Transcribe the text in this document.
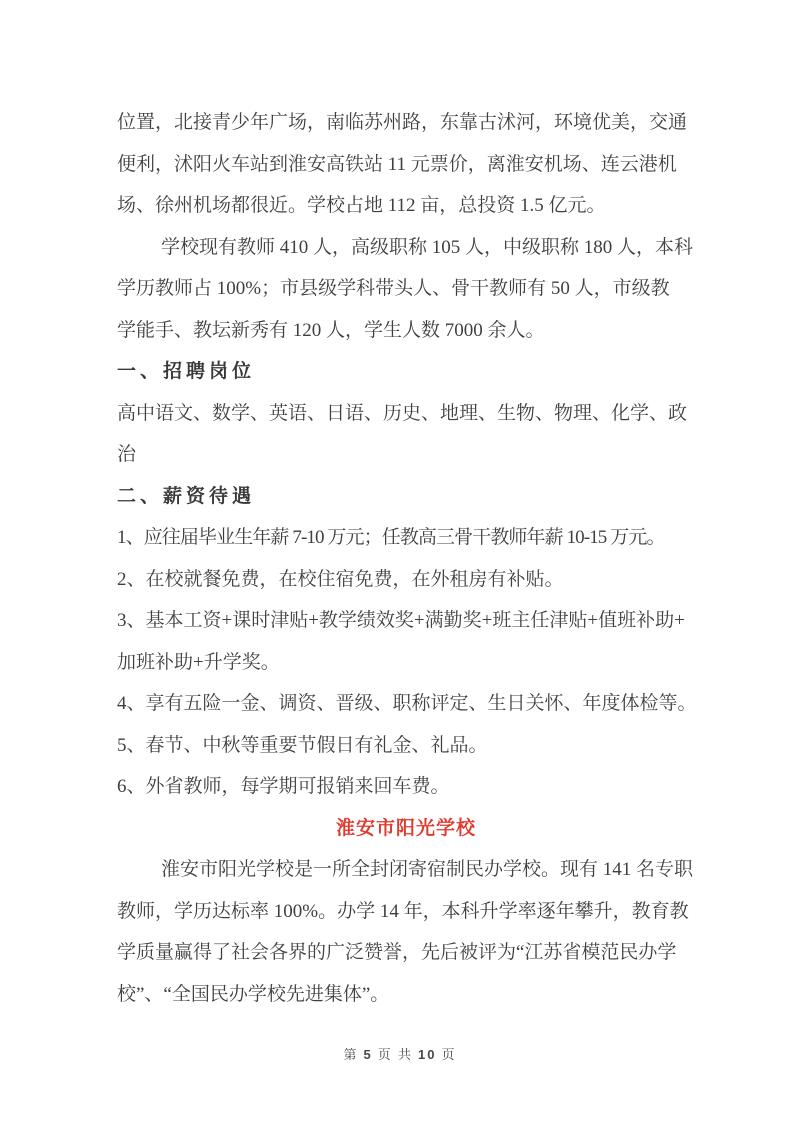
位置，北接青少年广场，南临苏州路，东靠古沭河，环境优美，交通
便利，沭阳火车站到淮安高铁站 11 元票价，离淮安机场、连云港机
场、徐州机场都很近。学校占地 112 亩，总投资 1.5 亿元。
学校现有教师 410 人，高级职称 105 人，中级职称 180 人，本科
学历教师占 100%；市县级学科带头人、骨干教师有 50 人，市级教
学能手、教坛新秀有 120 人，学生人数 7000 余人。
一、招聘岗位
高中语文、数学、英语、日语、历史、地理、生物、物理、化学、政
治
二、薪资待遇
1、应往届毕业生年薪 7-10 万元；任教高三骨干教师年薪 10-15 万元。
2、在校就餐免费，在校住宿免费，在外租房有补贴。
3、基本工资+课时津贴+教学绩效奖+满勤奖+班主任津贴+值班补助+
加班补助+升学奖。
4、享有五险一金、调资、晋级、职称评定、生日关怀、年度体检等。
5、春节、中秋等重要节假日有礼金、礼品。
6、外省教师，每学期可报销来回车费。
淮安市阳光学校
淮安市阳光学校是一所全封闭寄宿制民办学校。现有 141 名专职
教师，学历达标率 100%。办学 14 年，本科升学率逐年攀升，教育教
学质量赢得了社会各界的广泛赞誉，先后被评为“江苏省模范民办学
校”、“全国民办学校先进集体”。
第 5 页 共 10 页
